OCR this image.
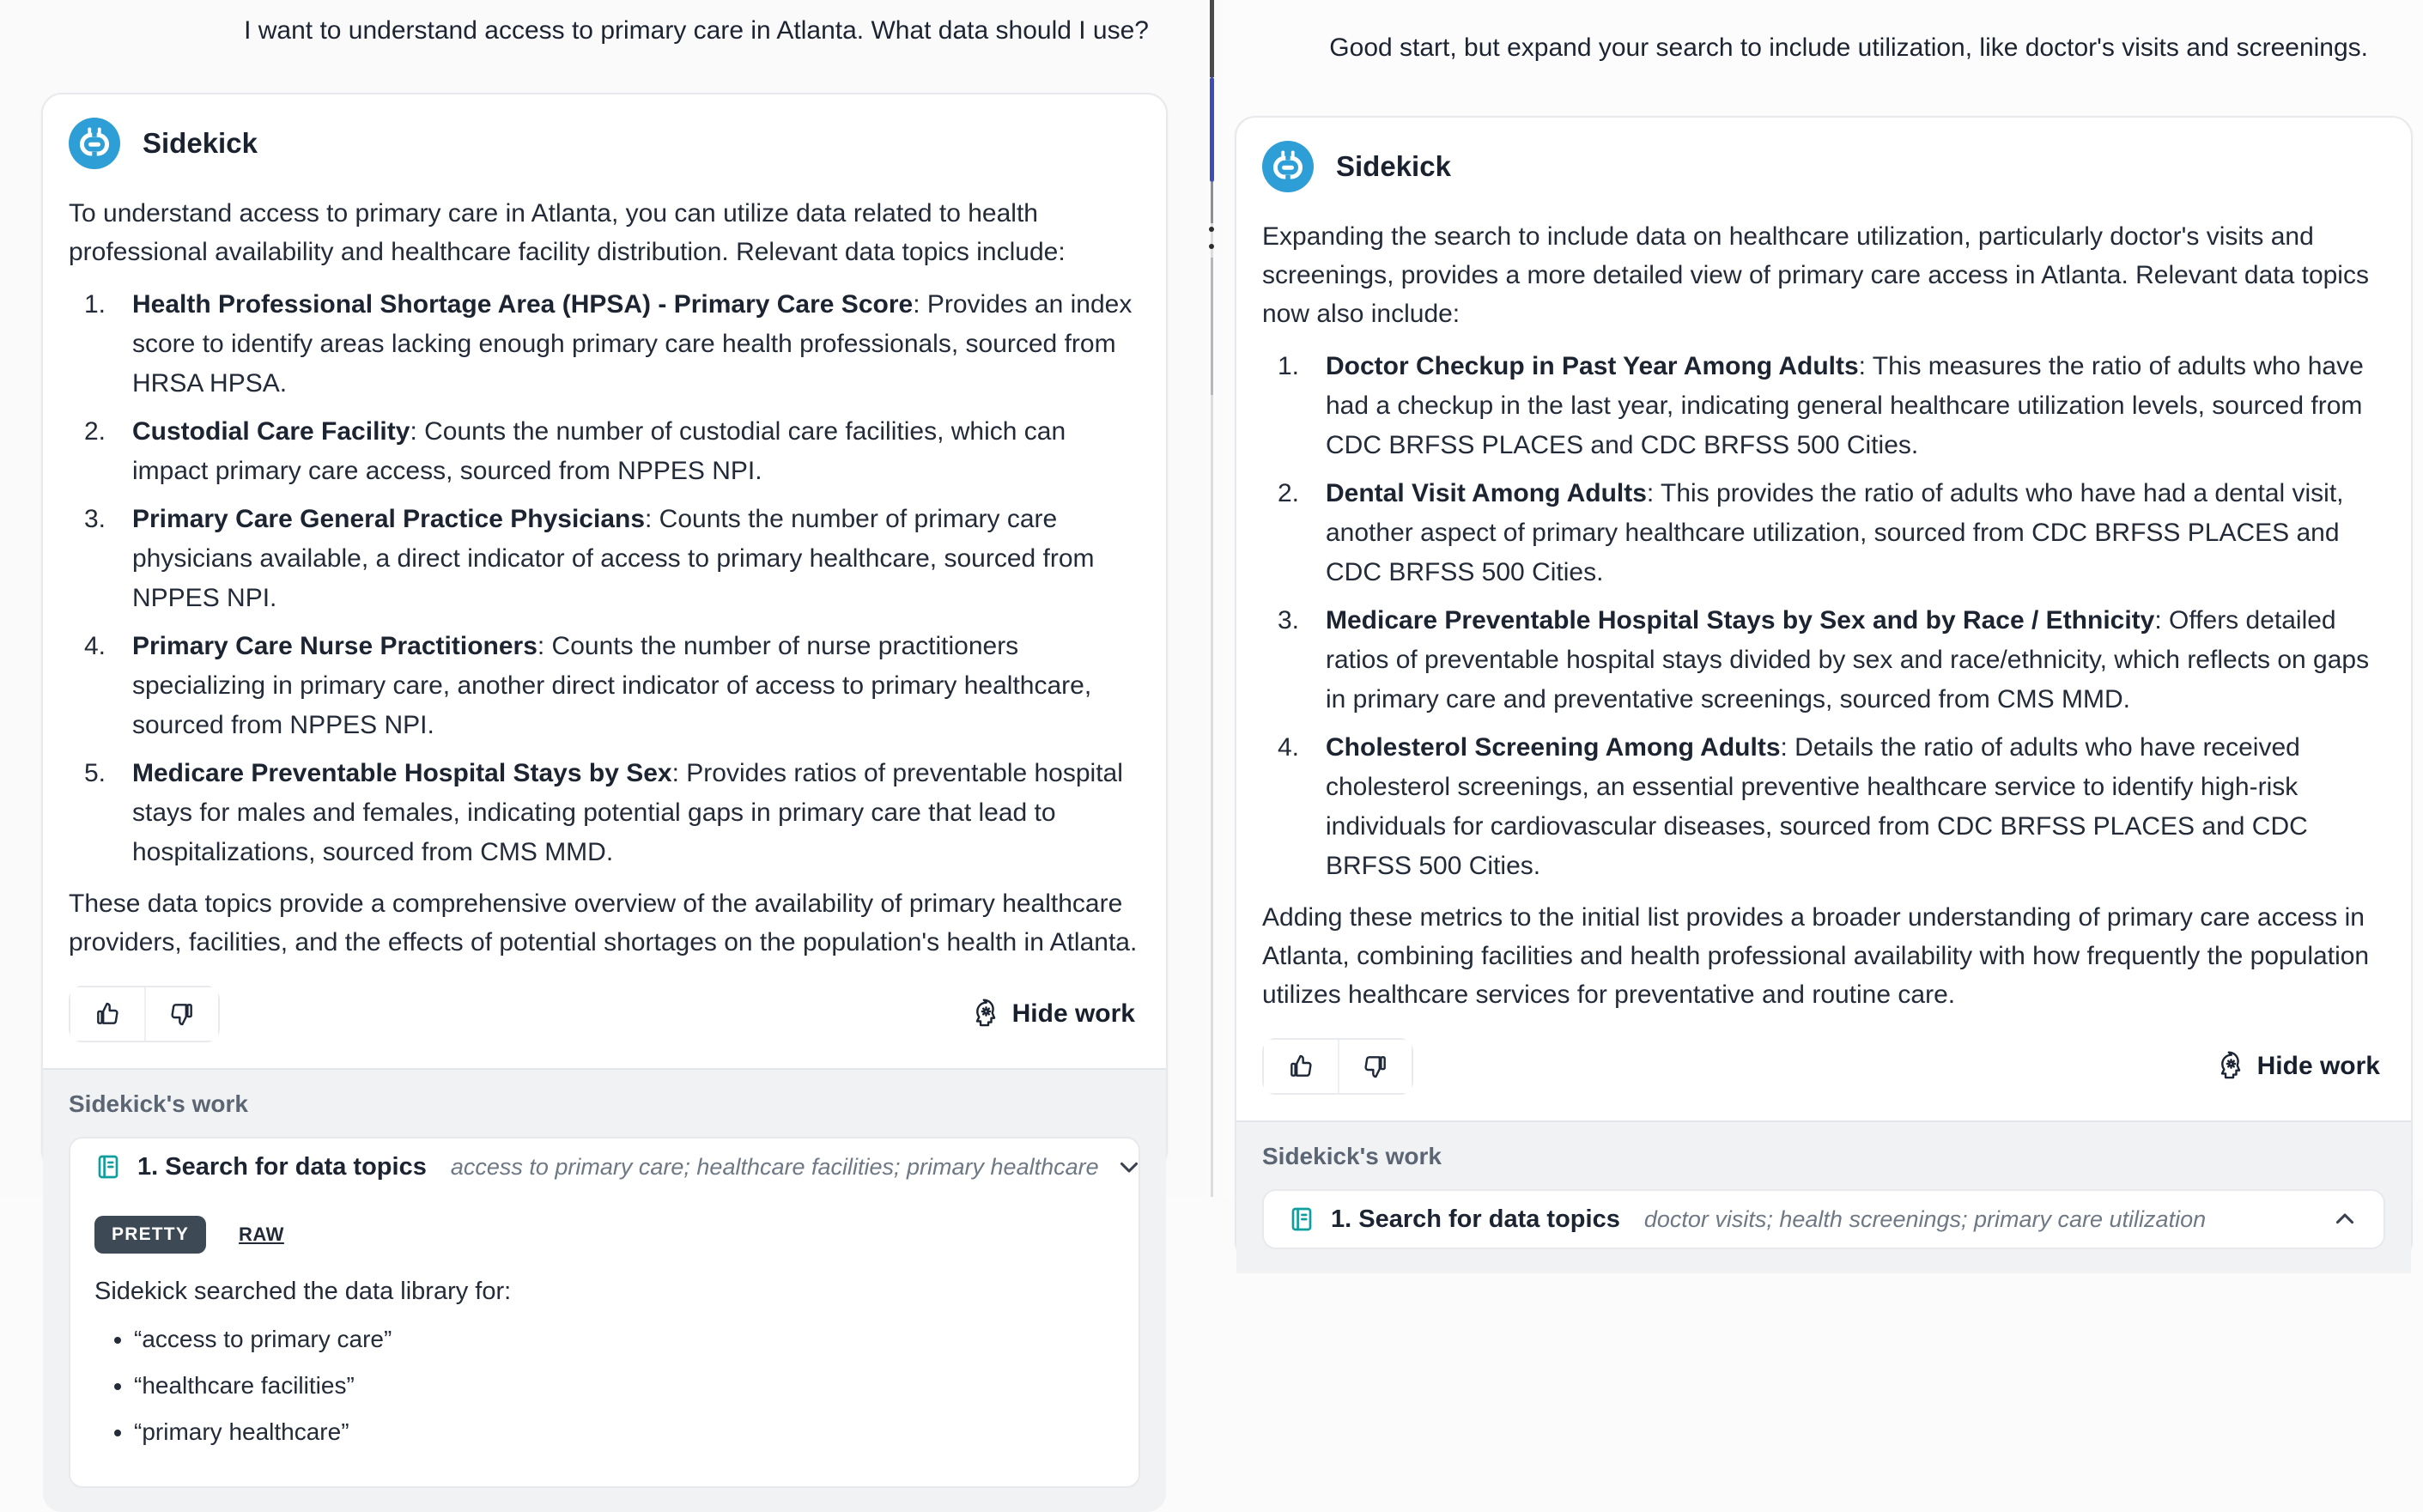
I want to understand access to primary care in Atlanta. What data should I use?
Sidekick

To understand access to primary care in Atlanta, you can utilize data related to health professional availability and healthcare facility distribution. Relevant data topics include:

1.	Health Professional Shortage Area (HPSA) - Primary Care Score: Provides an index score to identify areas lacking enough primary care health professionals, sourced from HRSA HPSA.
2.	Custodial Care Facility: Counts the number of custodial care facilities, which can impact primary care access, sourced from NPPES NPI.
3.	Primary Care General Practice Physicians: Counts the number of primary care physicians available, a direct indicator of access to primary healthcare, sourced from NPPES NPI.
4.	Primary Care Nurse Practitioners: Counts the number of nurse practitioners specializing in primary care, another direct indicator of access to primary healthcare, sourced from NPPES NPI.
5.	Medicare Preventable Hospital Stays by Sex: Provides ratios of preventable hospital stays for males and females, indicating potential gaps in primary care that lead to hospitalizations, sourced from CMS MMD.

These data topics provide a comprehensive overview of the availability of primary healthcare providers, facilities, and the effects of potential shortages on the population's health in Atlanta.

Hide work
Sidekick's work
1. Search for data topics access to primary care; healthcare facilities; primary healthcare
PRETTY	RAW

Sidekick searched the data library for:

• “access to primary care”
• “healthcare facilities”
• “primary healthcare”
Good start, but expand your search to include utilization, like doctor's visits and screenings.
Sidekick

Expanding the search to include data on healthcare utilization, particularly doctor's visits and screenings, provides a more detailed view of primary care access in Atlanta. Relevant data topics now also include:

1.	Doctor Checkup in Past Year Among Adults: This measures the ratio of adults who have had a checkup in the last year, indicating general healthcare utilization levels, sourced from CDC BRFSS PLACES and CDC BRFSS 500 Cities.
2.	Dental Visit Among Adults: This provides the ratio of adults who have had a dental visit, another aspect of primary healthcare utilization, sourced from CDC BRFSS PLACES and CDC BRFSS 500 Cities.
3.	Medicare Preventable Hospital Stays by Sex and by Race / Ethnicity: Offers detailed ratios of preventable hospital stays divided by sex and race/ethnicity, which reflects on gaps in primary care and preventative screenings, sourced from CMS MMD.
4.	Cholesterol Screening Among Adults: Details the ratio of adults who have received cholesterol screenings, an essential preventive healthcare service to identify high-risk individuals for cardiovascular diseases, sourced from CDC BRFSS PLACES and CDC BRFSS 500 Cities.

Adding these metrics to the initial list provides a broader understanding of primary care access in Atlanta, combining facilities and health professional availability with how frequently the population utilizes healthcare services for preventative and routine care.

Hide work
Sidekick's work
1. Search for data topics doctor visits; health screenings; primary care utilization
